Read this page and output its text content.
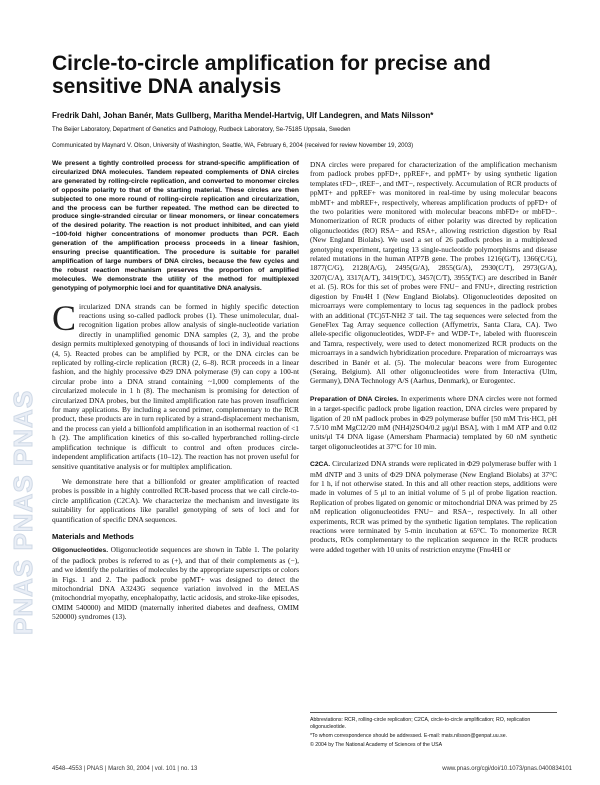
PNAS PNAS PNAS
Circle-to-circle amplification for precise and sensitive DNA analysis
Fredrik Dahl, Johan Banér, Mats Gullberg, Maritha Mendel-Hartvig, Ulf Landegren, and Mats Nilsson*
The Beijer Laboratory, Department of Genetics and Pathology, Rudbeck Laboratory, Se-75185 Uppsala, Sweden
Communicated by Maynard V. Olson, University of Washington, Seattle, WA, February 6, 2004 (received for review November 19, 2003)
We present a tightly controlled process for strand-specific amplification of circularized DNA molecules. Tandem repeated complements of DNA circles are generated by rolling-circle replication, and converted to monomer circles of opposite polarity to that of the starting material. These circles are then subjected to one more round of rolling-circle replication and circularization, and the process can be further repeated. The method can be directed to produce single-stranded circular or linear monomers, or linear concatemers of the desired polarity. The reaction is not product inhibited, and can yield ~100-fold higher concentrations of monomer products than PCR. Each generation of the amplification process proceeds in a linear fashion, ensuring precise quantification. The procedure is suitable for parallel amplification of large numbers of DNA circles, because the few cycles and the robust reaction mechanism preserves the proportion of amplified molecules. We demonstrate the utility of the method for multiplexed genotyping of polymorphic loci and for quantitative DNA analysis.

Circularized DNA strands can be formed in highly specific detection reactions using so-called padlock probes (1). These unimolecular, dual-recognition ligation probes allow analysis of single-nucleotide variation directly in unamplified genomic DNA samples (2, 3), and the probe design permits multiplexed genotyping of thousands of loci in individual reactions (4, 5). Reacted probes can be amplified by PCR, or the DNA circles can be replicated by rolling-circle replication (RCR) (2, 6–8). RCR proceeds in a linear fashion, and the highly processive Φ29 DNA polymerase (9) can copy a 100-nt circular probe into a DNA strand containing ~1,000 complements of the circularized molecule in 1 h (8). The mechanism is promising for detection of circularized DNA probes, but the limited amplification rate has proven insufficient for many applications. By including a second primer, complementary to the RCR product, these products are in turn replicated by a strand-displacement mechanism, and the process can yield a billionfold amplification in an isothermal reaction of <1 h (2). The amplification kinetics of this so-called hyperbranched rolling-circle amplification technique is difficult to control and often produces circle-independent amplification artifacts (10–12). The reaction has not proven useful for sensitive quantitative analysis or for multiplex amplification.

We demonstrate here that a billionfold or greater amplification of reacted probes is possible in a highly controlled RCR-based process that we call circle-to-circle amplification (C2CA). We characterize the mechanism and investigate its suitability for applications like parallel genotyping of sets of loci and for quantification of specific DNA sequences.

Materials and Methods

Oligonucleotides. Oligonucleotide sequences are shown in Table 1. The polarity of the padlock probes is referred to as (+), and that of their complements as (−), and we identify the polarities of molecules by the appropriate superscripts or colors in Figs. 1 and 2. The padlock probe ppMT+ was designed to detect the mitochondrial DNA A3243G sequence variation involved in the MELAS (mitochondrial myopathy, encephalopathy, lactic acidosis, and stroke-like episodes, OMIM 540000) and MIDD (maternally inherited diabetes and deafness, OMIM 520000) syndromes (13).

DNA circles were prepared for characterization of the amplification mechanism from padlock probes ppFD+, ppREF+, and ppMT+ by using synthetic ligation templates tFD−, tREF−, and tMT−, respectively. Accumulation of RCR products of ppMT+ and ppREF+ was monitored in real-time by using molecular beacons mbMT+ and mbREF+, respectively, whereas amplification products of ppFD+ of the two polarities were monitored with molecular beacons mbFD+ or mbFD−. Monomerization of RCR products of either polarity was directed by replication oligonucleotides (RO) RSA− and RSA+, allowing restriction digestion by RsaI (New England Biolabs). We used a set of 26 padlock probes in a multiplexed genotyping experiment, targeting 13 single-nucleotide polymorphisms and disease related mutations in the human ATP7B gene. The probes 1216(G/T), 1366(C/G), 1877(C/G), 2128(A/G), 2495(G/A), 2855(G/A), 2930(C/T), 2973(G/A), 3207(C/A), 3317(A/T), 3419(T/C), 3457(C/T), 3955(T/C) are described in Banér et al. (5). ROs for this set of probes were FNU− and FNU+, directing restriction digestion by Fnu4H I (New England Biolabs). Oligonucleotides deposited on microarrays were complementary to locus tag sequences in the padlock probes with an additional (TC)5T-NH2 3′ tail. The tag sequences were selected from the GeneFlex Tag Array sequence collection (Affymetrix, Santa Clara, CA). Two allele-specific oligonucleotides, WDP-F+ and WDP-T+, labeled with fluorescein and Tamra, respectively, were used to detect monomerized RCR products on the microarrays in a sandwich hybridization procedure. Preparation of microarrays was described in Banér et al. (5). The molecular beacons were from Eurogentec (Seraing, Belgium). All other oligonucleotides were from Interactiva (Ulm, Germany), DNA Technology A/S (Aarhus, Denmark), or Eurogentec.

Preparation of DNA Circles. In experiments where DNA circles were not formed in a target-specific padlock probe ligation reaction, DNA circles were prepared by ligation of 20 nM padlock probes in Φ29 polymerase buffer [50 mM Tris·HCl, pH 7.5/10 mM MgCl2/20 mM (NH4)2SO4/0.2 μg/μl BSA], with 1 mM ATP and 0.02 units/μl T4 DNA ligase (Amersham Pharmacia) templated by 60 nM synthetic target oligonucleotides at 37°C for 10 min.

C2CA. Circularized DNA strands were replicated in Φ29 polymerase buffer with 1 mM dNTP and 3 units of Φ29 DNA polymerase (New England Biolabs) at 37°C for 1 h, if not otherwise stated. In this and all other reaction steps, additions were made in volumes of 5 μl to an initial volume of 5 μl of probe ligation reaction. Replication of probes ligated on genomic or mitochondrial DNA was primed by 25 nM replication oligonucleotides FNU− and RSA−, respectively. In all other experiments, RCR was primed by the synthetic ligation templates. The replication reactions were terminated by 5-min incubation at 65°C. To monomerize RCR products, ROs complementary to the replication sequence in the RCR products were added together with 10 units of restriction enzyme (Fnu4HI or

Abbreviations: RCR, rolling-circle replication; C2CA, circle-to-circle amplification; RO, replication oligonucleotide.
*To whom correspondence should be addressed. E-mail: mats.nilsson@genpat.uu.se.
© 2004 by The National Academy of Sciences of the USA
4548–4553 | PNAS | March 30, 2004 | vol. 101 | no. 13	www.pnas.org/cgi/doi/10.1073/pnas.0400834101
